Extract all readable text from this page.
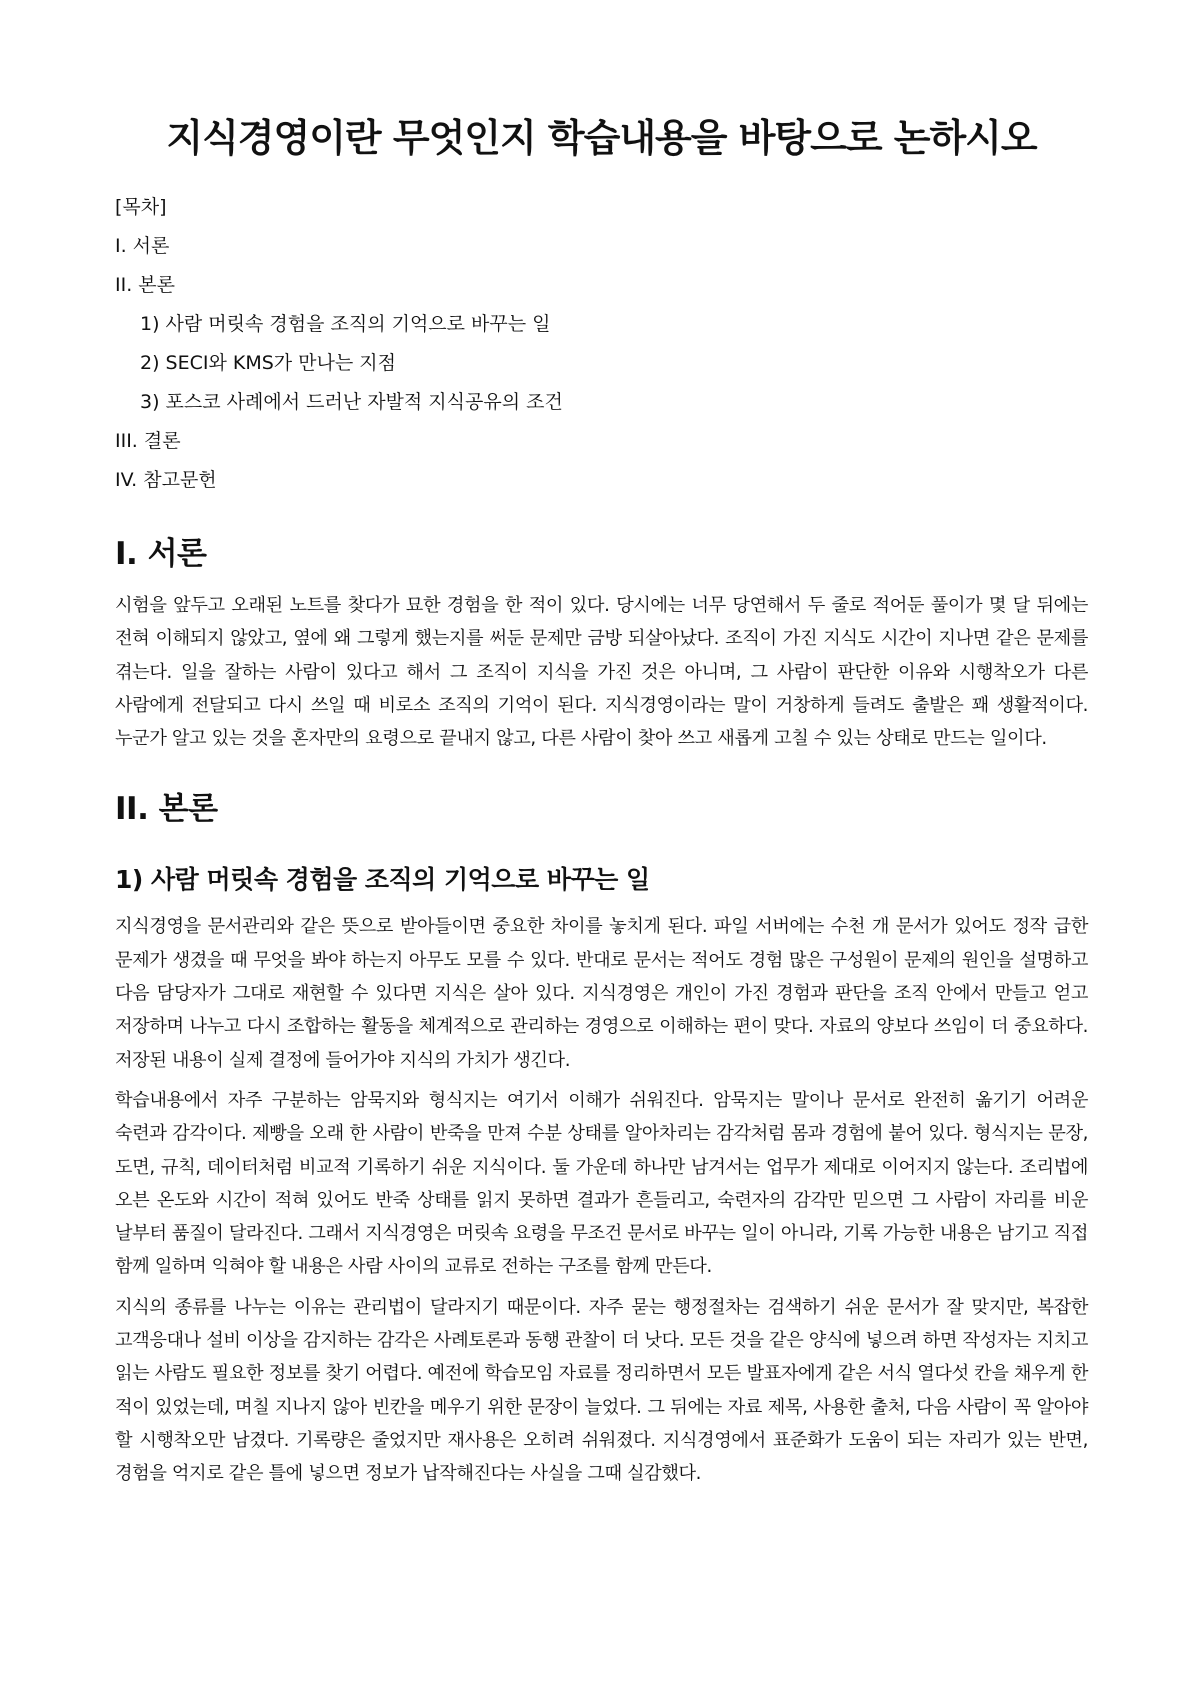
지식경영이란 무엇인지 학습내용을 바탕으로 논하시오
[목차]
I. 서론
II. 본론
1) 사람 머릿속 경험을 조직의 기억으로 바꾸는 일
2) SECI와 KMS가 만나는 지점
3) 포스코 사례에서 드러난 자발적 지식공유의 조건
III. 결론
IV. 참고문헌
I. 서론

시험을 앞두고 오래된 노트를 찾다가 묘한 경험을 한 적이 있다. 당시에는 너무 당연해서 두 줄로 적어둔 풀이가 몇 달 뒤에는 전혀 이해되지 않았고, 옆에 왜 그렇게 했는지를 써둔 문제만 금방 되살아났다. 조직이 가진 지식도 시간이 지나면 같은 문제를 겪는다. 일을 잘하는 사람이 있다고 해서 그 조직이 지식을 가진 것은 아니며, 그 사람이 판단한 이유와 시행착오가 다른 사람에게 전달되고 다시 쓰일 때 비로소 조직의 기억이 된다. 지식경영이라는 말이 거창하게 들려도 출발은 꽤 생활적이다. 누군가 알고 있는 것을 혼자만의 요령으로 끝내지 않고, 다른 사람이 찾아 쓰고 새롭게 고칠 수 있는 상태로 만드는 일이다.

II. 본론
1) 사람 머릿속 경험을 조직의 기억으로 바꾸는 일

지식경영을 문서관리와 같은 뜻으로 받아들이면 중요한 차이를 놓치게 된다. 파일 서버에는 수천 개 문서가 있어도 정작 급한 문제가 생겼을 때 무엇을 봐야 하는지 아무도 모를 수 있다. 반대로 문서는 적어도 경험 많은 구성원이 문제의 원인을 설명하고 다음 담당자가 그대로 재현할 수 있다면 지식은 살아 있다. 지식경영은 개인이 가진 경험과 판단을 조직 안에서 만들고 얻고 저장하며 나누고 다시 조합하는 활동을 체계적으로 관리하는 경영으로 이해하는 편이 맞다. 자료의 양보다 쓰임이 더 중요하다. 저장된 내용이 실제 결정에 들어가야 지식의 가치가 생긴다.

학습내용에서 자주 구분하는 암묵지와 형식지는 여기서 이해가 쉬워진다. 암묵지는 말이나 문서로 완전히 옮기기 어려운 숙련과 감각이다. 제빵을 오래 한 사람이 반죽을 만져 수분 상태를 알아차리는 감각처럼 몸과 경험에 붙어 있다. 형식지는 문장, 도면, 규칙, 데이터처럼 비교적 기록하기 쉬운 지식이다. 둘 가운데 하나만 남겨서는 업무가 제대로 이어지지 않는다. 조리법에 오븐 온도와 시간이 적혀 있어도 반죽 상태를 읽지 못하면 결과가 흔들리고, 숙련자의 감각만 믿으면 그 사람이 자리를 비운 날부터 품질이 달라진다. 그래서 지식경영은 머릿속 요령을 무조건 문서로 바꾸는 일이 아니라, 기록 가능한 내용은 남기고 직접 함께 일하며 익혀야 할 내용은 사람 사이의 교류로 전하는 구조를 함께 만든다.

지식의 종류를 나누는 이유는 관리법이 달라지기 때문이다. 자주 묻는 행정절차는 검색하기 쉬운 문서가 잘 맞지만, 복잡한 고객응대나 설비 이상을 감지하는 감각은 사례토론과 동행 관찰이 더 낫다. 모든 것을 같은 양식에 넣으려 하면 작성자는 지치고 읽는 사람도 필요한 정보를 찾기 어렵다. 예전에 학습모임 자료를 정리하면서 모든 발표자에게 같은 서식 열다섯 칸을 채우게 한 적이 있었는데, 며칠 지나지 않아 빈칸을 메우기 위한 문장이 늘었다. 그 뒤에는 자료 제목, 사용한 출처, 다음 사람이 꼭 알아야 할 시행착오만 남겼다. 기록량은 줄었지만 재사용은 오히려 쉬워졌다. 지식경영에서 표준화가 도움이 되는 자리가 있는 반면, 경험을 억지로 같은 틀에 넣으면 정보가 납작해진다는 사실을 그때 실감했다.
